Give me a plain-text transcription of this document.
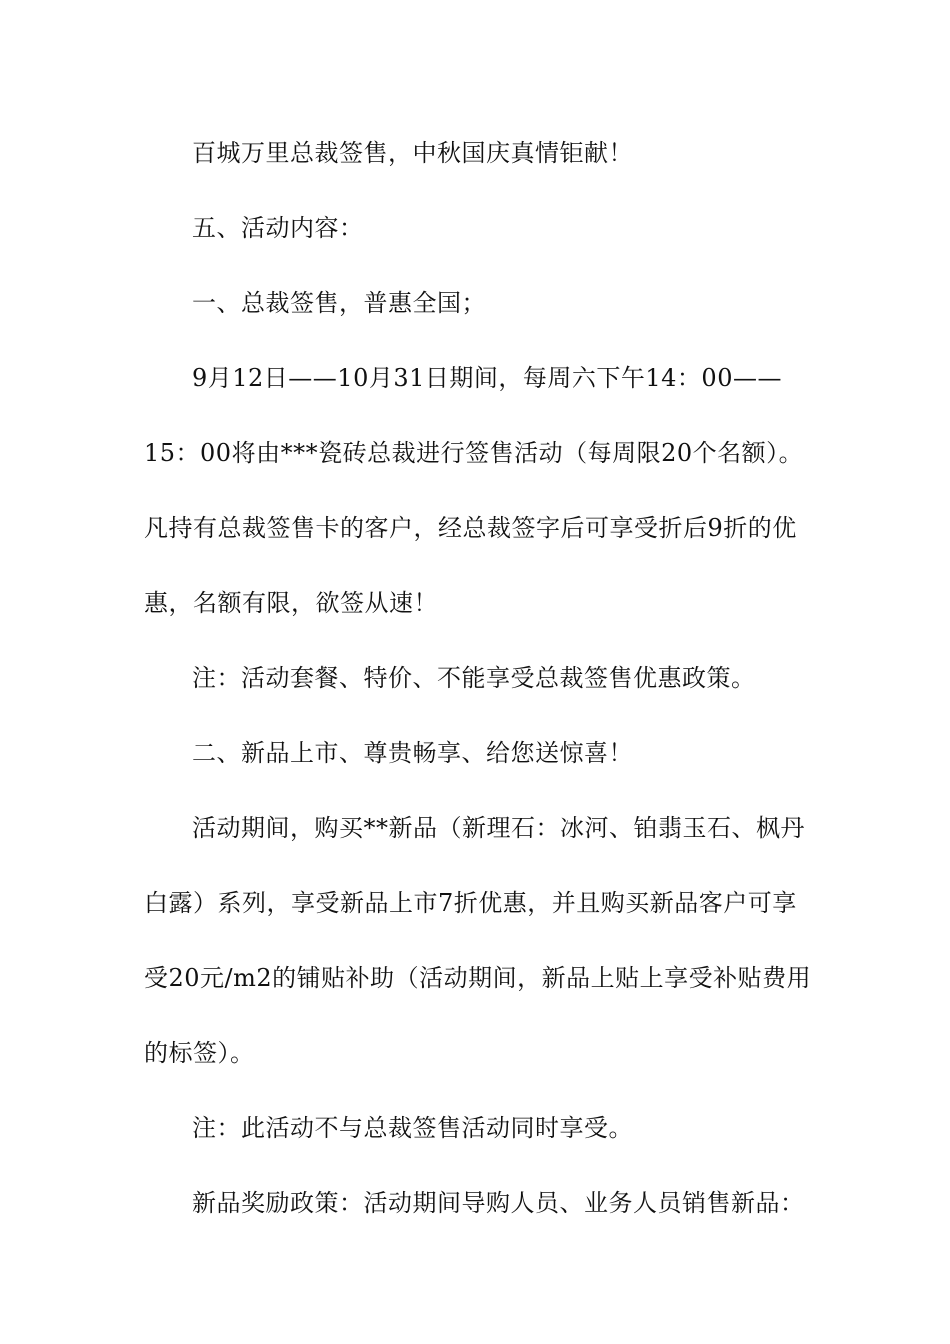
百城万里总裁签售，中秋国庆真情钜献！

五、活动内容：

一、总裁签售，普惠全国；

9月12日——10月31日期间，每周六下午14：00——

15：00将由***瓷砖总裁进行签售活动（每周限20个名额）。

凡持有总裁签售卡的客户，经总裁签字后可享受折后9折的优

惠，名额有限，欲签从速！

注：活动套餐、特价、不能享受总裁签售优惠政策。

二、新品上市、尊贵畅享、给您送惊喜！

活动期间，购买**新品（新理石：冰河、铂翡玉石、枫丹

白露）系列，享受新品上市7折优惠，并且购买新品客户可享

受20元/m2的铺贴补助（活动期间，新品上贴上享受补贴费用

的标签）。

注：此活动不与总裁签售活动同时享受。

新品奖励政策：活动期间导购人员、业务人员销售新品：
